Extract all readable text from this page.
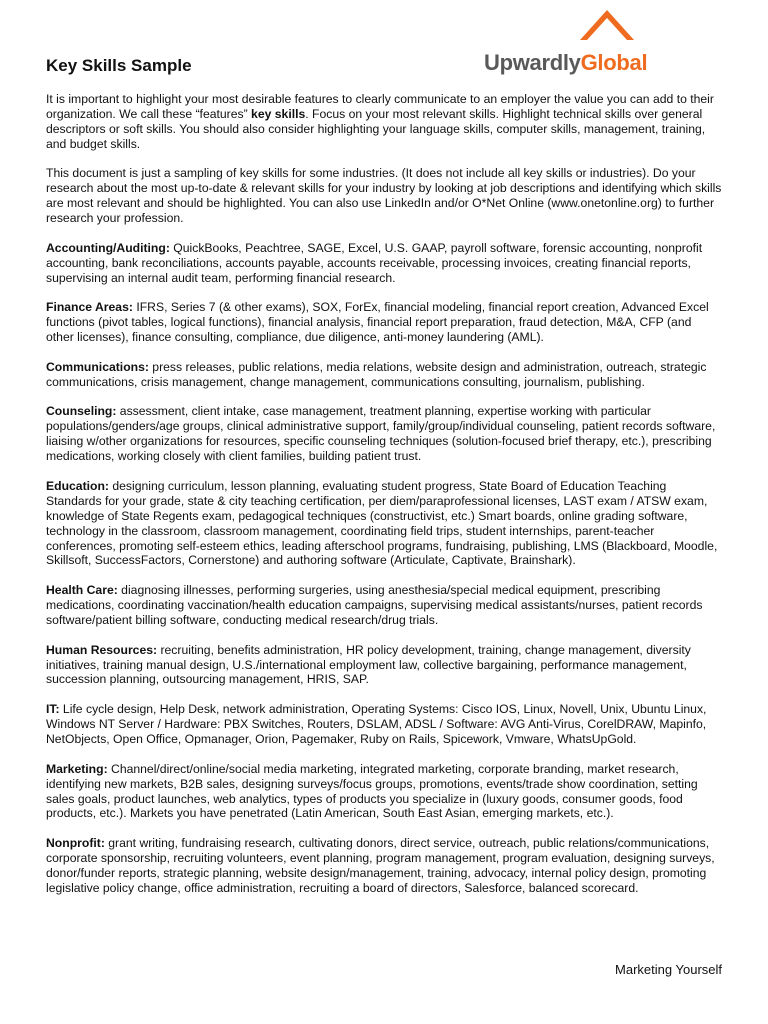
UpwardlyGlobal
Key Skills Sample

It is important to highlight your most desirable features to clearly communicate to an employer the value you can add to their organization. We call these “features” key skills. Focus on your most relevant skills. Highlight technical skills over general descriptors or soft skills. You should also consider highlighting your language skills, computer skills, management, training, and budget skills.

This document is just a sampling of key skills for some industries. (It does not include all key skills or industries). Do your research about the most up-to-date & relevant skills for your industry by looking at job descriptions and identifying which skills are most relevant and should be highlighted. You can also use LinkedIn and/or O*Net Online (www.onetonline.org) to further research your profession.

Accounting/Auditing: QuickBooks, Peachtree, SAGE, Excel, U.S. GAAP, payroll software, forensic accounting, nonprofit accounting, bank reconciliations, accounts payable, accounts receivable, processing invoices, creating financial reports, supervising an internal audit team, performing financial research.

Finance Areas: IFRS, Series 7 (& other exams), SOX, ForEx, financial modeling, financial report creation, Advanced Excel functions (pivot tables, logical functions), financial analysis, financial report preparation, fraud detection, M&A, CFP (and other licenses), finance consulting, compliance, due diligence, anti-money laundering (AML).

Communications: press releases, public relations, media relations, website design and administration, outreach, strategic communications, crisis management, change management, communications consulting, journalism, publishing.

Counseling: assessment, client intake, case management, treatment planning, expertise working with particular populations/genders/age groups, clinical administrative support, family/group/individual counseling, patient records software, liaising w/other organizations for resources, specific counseling techniques (solution-focused brief therapy, etc.), prescribing medications, working closely with client families, building patient trust.

Education: designing curriculum, lesson planning, evaluating student progress, State Board of Education Teaching Standards for your grade, state & city teaching certification, per diem/paraprofessional licenses, LAST exam / ATSW exam, knowledge of State Regents exam, pedagogical techniques (constructivist, etc.) Smart boards, online grading software, technology in the classroom, classroom management, coordinating field trips, student internships, parent-teacher conferences, promoting self-esteem ethics, leading afterschool programs, fundraising, publishing, LMS (Blackboard, Moodle, Skillsoft, SuccessFactors, Cornerstone) and authoring software (Articulate, Captivate, Brainshark).

Health Care: diagnosing illnesses, performing surgeries, using anesthesia/special medical equipment, prescribing medications, coordinating vaccination/health education campaigns, supervising medical assistants/nurses, patient records software/patient billing software, conducting medical research/drug trials.

Human Resources: recruiting, benefits administration, HR policy development, training, change management, diversity initiatives, training manual design, U.S./international employment law, collective bargaining, performance management, succession planning, outsourcing management, HRIS, SAP.

IT: Life cycle design, Help Desk, network administration, Operating Systems: Cisco IOS, Linux, Novell, Unix, Ubuntu Linux, Windows NT Server / Hardware: PBX Switches, Routers, DSLAM, ADSL / Software: AVG Anti-Virus, CorelDRAW, Mapinfo, NetObjects, Open Office, Opmanager, Orion, Pagemaker, Ruby on Rails, Spicework, Vmware, WhatsUpGold.

Marketing: Channel/direct/online/social media marketing, integrated marketing, corporate branding, market research, identifying new markets, B2B sales, designing surveys/focus groups, promotions, events/trade show coordination, setting sales goals, product launches, web analytics, types of products you specialize in (luxury goods, consumer goods, food products, etc.). Markets you have penetrated (Latin American, South East Asian, emerging markets, etc.).

Nonprofit: grant writing, fundraising research, cultivating donors, direct service, outreach, public relations/communications, corporate sponsorship, recruiting volunteers, event planning, program management, program evaluation, designing surveys, donor/funder reports, strategic planning, website design/management, training, advocacy, internal policy design, promoting legislative policy change, office administration, recruiting a board of directors, Salesforce, balanced scorecard.

Marketing Yourself
